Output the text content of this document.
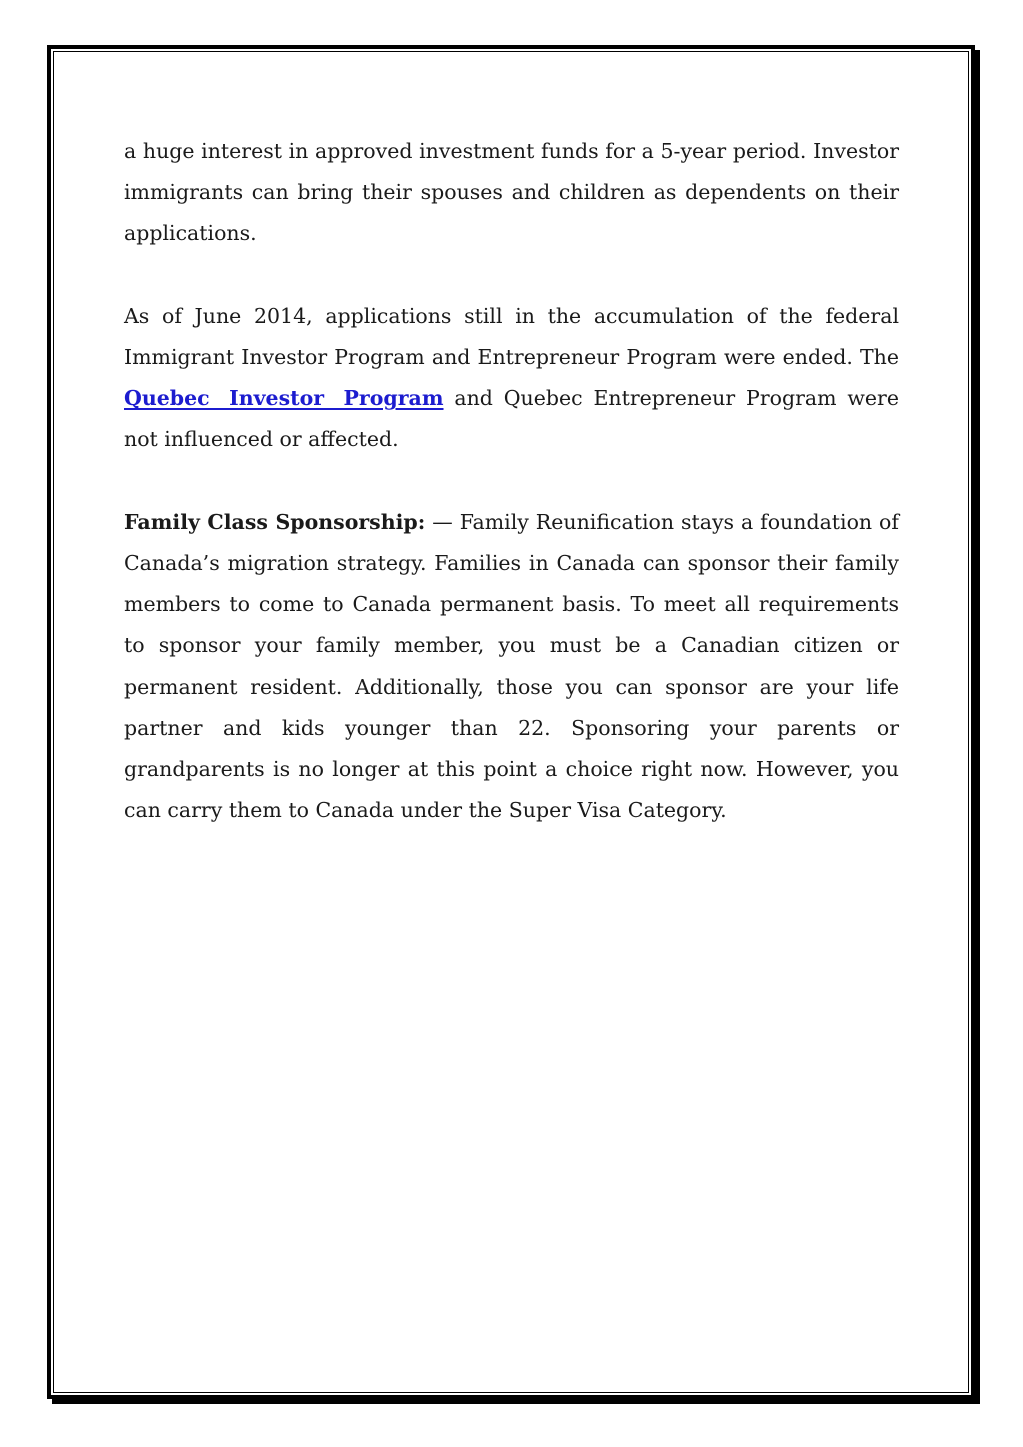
a huge interest in approved investment funds for a 5-year period. Investor immigrants can bring their spouses and children as dependents on their applications.

As of June 2014, applications still in the accumulation of the federal Immigrant Investor Program and Entrepreneur Program were ended. The Quebec Investor Program and Quebec Entrepreneur Program were not influenced or affected.

Family Class Sponsorship: — Family Reunification stays a foundation of Canada’s migration strategy. Families in Canada can sponsor their family members to come to Canada permanent basis. To meet all requirements to sponsor your family member, you must be a Canadian citizen or permanent resident. Additionally, those you can sponsor are your life partner and kids younger than 22. Sponsoring your parents or grandparents is no longer at this point a choice right now. However, you can carry them to Canada under the Super Visa Category.
